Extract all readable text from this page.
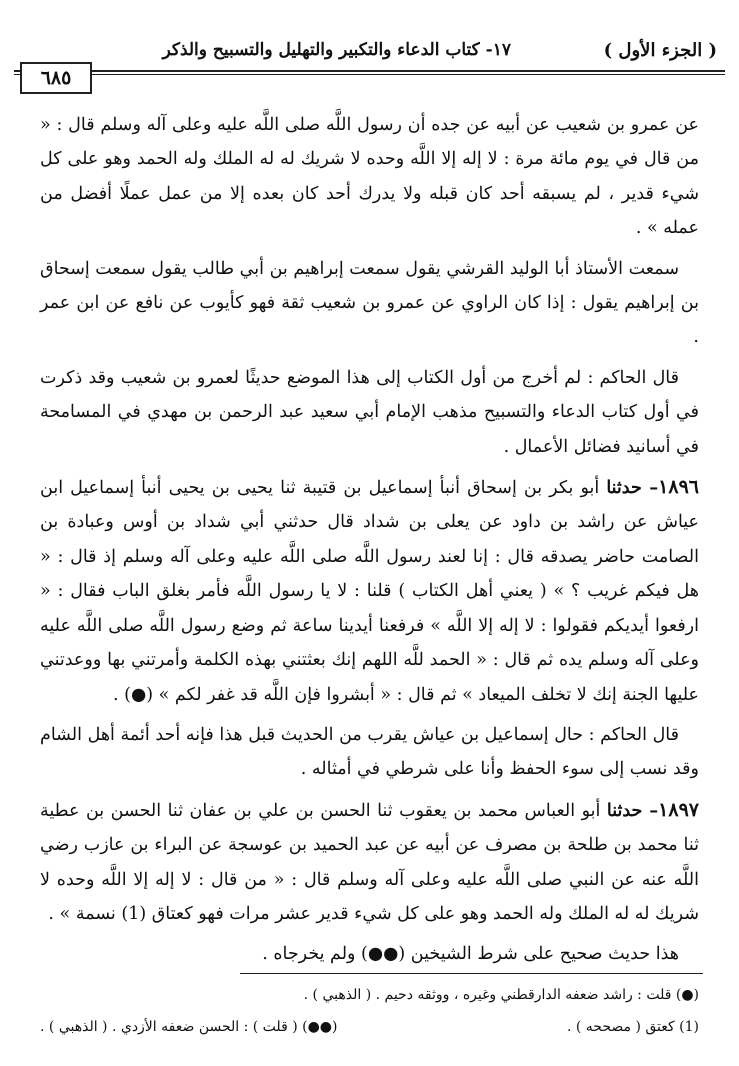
( الجزء الأول )
١٧- كتاب الدعاء والتكبير والتهليل والتسبيح والذكر
٦٨٥

عن عمرو بن شعيب عن أبيه عن جده أن رسول اللَّه صلى اللَّه عليه وعلى آله وسلم قال : « من قال في يوم مائة مرة : لا إله إلا اللَّه وحده لا شريك له له الملك وله الحمد وهو على كل شيء قدير ، لم يسبقه أحد كان قبله ولا يدرك أحد كان بعده إلا من عمل عملًا أفضل من عمله » .

سمعت الأستاذ أبا الوليد القرشي يقول سمعت إبراهيم بن أبي طالب يقول سمعت إسحاق بن إبراهيم يقول : إذا كان الراوي عن عمرو بن شعيب ثقة فهو كأيوب عن نافع عن ابن عمر .

قال الحاكم : لم أخرج من أول الكتاب إلى هذا الموضع حديثًا لعمرو بن شعيب وقد ذكرت في أول كتاب الدعاء والتسبيح مذهب الإمام أبي سعيد عبد الرحمن بن مهدي في المسامحة في أسانيد فضائل الأعمال .

١٨٩٦– حدثنا أبو بكر بن إسحاق أنبأ إسماعيل بن قتيبة ثنا يحيى بن يحيى أنبأ إسماعيل ابن عياش عن راشد بن داود عن يعلى بن شداد قال حدثني أبي شداد بن أوس وعبادة بن الصامت حاضر يصدقه قال : إنا لعند رسول اللَّه صلى اللَّه عليه وعلى آله وسلم إذ قال : « هل فيكم غريب ؟ » ( يعني أهل الكتاب ) قلنا : لا يا رسول اللَّه فأمر بغلق الباب فقال : « ارفعوا أيديكم فقولوا : لا إله إلا اللَّه » فرفعنا أيدينا ساعة ثم وضع رسول اللَّه صلى اللَّه عليه وعلى آله وسلم يده ثم قال : « الحمد للَّه اللهم إنك بعثتني بهذه الكلمة وأمرتني بها ووعدتني عليها الجنة إنك لا تخلف الميعاد » ثم قال : « أبشروا فإن اللَّه قد غفر لكم » (●) .

قال الحاكم : حال إسماعيل بن عياش يقرب من الحديث قبل هذا فإنه أحد أئمة أهل الشام وقد نسب إلى سوء الحفظ وأنا على شرطي في أمثاله .

١٨٩٧– حدثنا أبو العباس محمد بن يعقوب ثنا الحسن بن علي بن عفان ثنا الحسن بن عطية ثنا محمد بن طلحة بن مصرف عن أبيه عن عبد الحميد بن عوسجة عن البراء بن عازب رضي اللَّه عنه عن النبي صلى اللَّه عليه وعلى آله وسلم قال : « من قال : لا إله إلا اللَّه وحده لا شريك له له الملك وله الحمد وهو على كل شيء قدير عشر مرات فهو كعتاق (1) نسمة » .

هذا حديث صحيح على شرط الشيخين (●●) ولم يخرجاه .

(●) قلت : راشد ضعفه الدارقطني وغيره ، ووثقه دحيم . ( الذهبي ) .
(1) كعتق ( مصححه ) .
(●●) ( قلت ) : الحسن ضعفه الأزدي . ( الذهبي ) .
